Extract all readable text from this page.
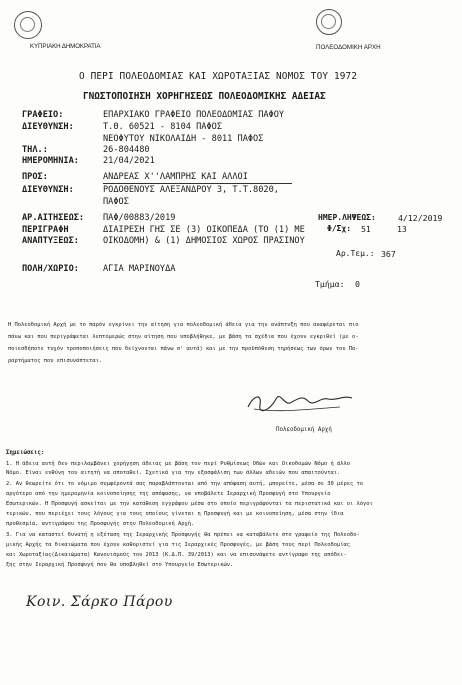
ΚΥΠΡΙΑΚΗ ΔΗΜΟΚΡΑΤΙΑ	ΠΟΛΕΟΔΟΜΙΚΗ ΑΡΧΗ
Ο ΠΕΡΙ ΠΟΛΕΟΔΟΜΙΑΣ ΚΑΙ ΧΩΡΟΤΑΞΙΑΣ ΝΟΜΟΣ ΤΟΥ 1972
ΓΝΩΣΤΟΠΟΙΗΣΗ ΧΟΡΗΓΗΣΕΩΣ ΠΟΛΕΟΔΟΜΙΚΗΣ ΑΔΕΙΑΣ
ΓΡΑΦΕΙΟ:	ΕΠΑΡΧΙΑΚΟ ΓΡΑΦΕΙΟ ΠΟΛΕΟΔΟΜΙΑΣ ΠΑΦΟΥ
ΔΙΕΥΘΥΝΣΗ:	Τ.Θ. 60521 - 8104 ΠΑΦΟΣ
ΝΕΟΦΥΤΟΥ ΝΙΚΟΛΑΙΔΗ - 8011 ΠΑΦΟΣ
ΤΗΛ.:	26-804480
ΗΜΕΡΟΜΗΝΙΑ:	21/04/2021
ΠΡΟΣ:	ΑΝΔΡΕΑΣ Χ''ΛΑΜΠΡΗΣ ΚΑΙ ΑΛΛΟΙ
ΔΙΕΥΘΥΝΣΗ:	ΡΟΔΟΘΕΝΟΥΣ ΑΛΕΞΑΝΔΡΟΥ 3, Τ.Τ.8020,
ΠΑΦΟΣ
ΑΡ.ΑΙΤΗΣΕΩΣ: ΠΑΦ/00883/2019	ΗΜΕΡ.ΛΗΨΕΩΣ:	4/12/2019
Φ/Σχ: 51	13
ΠΕΡΙΓΡΑΦΗ
ΑΝΑΠΤΥΞΕΩΣ:
ΔΙΑΙΡΕΣΗ ΓΗΣ ΣΕ (3) ΟΙΚΟΠΕΔΑ (ΤΟ (1) ΜΕ
ΟΙΚΟΔΟΜΗ) & (1) ΔΗΜΟΣΙΟΣ ΧΩΡΟΣ ΠΡΑΣΙΝΟΥ
Αρ.Τεμ.: 367
ΠΟΛΗ/ΧΩΡΙΟ:	ΑΓΙΑ ΜΑΡΙΝΟΥΔΑ
Τμήμα: 0
Η Πολεοδομική Αρχή με το παρόν εγκρίνει την αίτηση για πολεοδομική άδεια για την ανάπτυξη που αναφέρεται πιο
πάνω και που περιγράφεται λεπτομερώς στην αίτηση που υποβλήθηκε, με βάση τα σχέδια που έχουν εγκριθεί (με ο-
ποιεσδήποτε τυχόν τροποποιήσεις που δείχνονται πάνω σ' αυτά) και με την προϋπόθεση τηρήσεως των όρων του Πα-
ραρτήματος που επισυνάπτεται.
Πολεοδομική Αρχή
Σημειώσεις:
1. Η άδεια αυτή δεν περιλαμβάνει χορήγηση άδειας με βάση τον περί Ρυθμίσεως Οδών και Οικοδομών Νόμο ή άλλο
Νόμο. Είναι ευθύνη του αιτητή να αποταθεί. Σχετικά για την εξασφάλιση των άλλων αδειών που απαιτούνται.
2. Αν θεωρείτε ότι το νόμιμο συμφέροντά σας παραβλάπτονται από την απόφαση αυτή, μπορείτε, μέσα σε 30 μέρες το
αργότερο από την ημερομηνία κοινοποίησης της απόφασης, να υποβάλετε Ιεραρχική Προσφυγή στο Υπουργείο
Εσωτερικών. Η Προσφυγή ασκείται με την κατάθεση εγγράφου μέσα στο οποίο περιγράφονται τα περιστατικά και οι λόγοι
τερικών, που περιέχει τους λόγους για τους οποίους γίνεται η Προσφυγή και με κοινοποίηση, μέσα στην ίδια
προθεσμία, αντιγράφου της Προσφυγής στην Πολεοδομική Αρχή.
3. Για να καταστεί δυνατή η εξέταση της Ιεραρχικής Προσφυγής θα πρέπει να καταβάλετε στο γραφείο της Πολεοδο-
μικής Αρχής τα δικαιώματα που έχουν καθοριστεί για τις Ιεραρχικές Προσφυγές, με βάση τους περί Πολεοδομίας
και Χωροταξίας(Δικαιώματα) Κανονισμούς του 2013 (Κ.Δ.Π. 39/2013) και να επισυνάψετε αντίγραφο της απόδει-
ξης στην Ιεραρχική Προσφυγή που θα υποβληθεί στο Υπουργείο Εσωτερικών.
Κοιν. Σάρκο Πάρου
